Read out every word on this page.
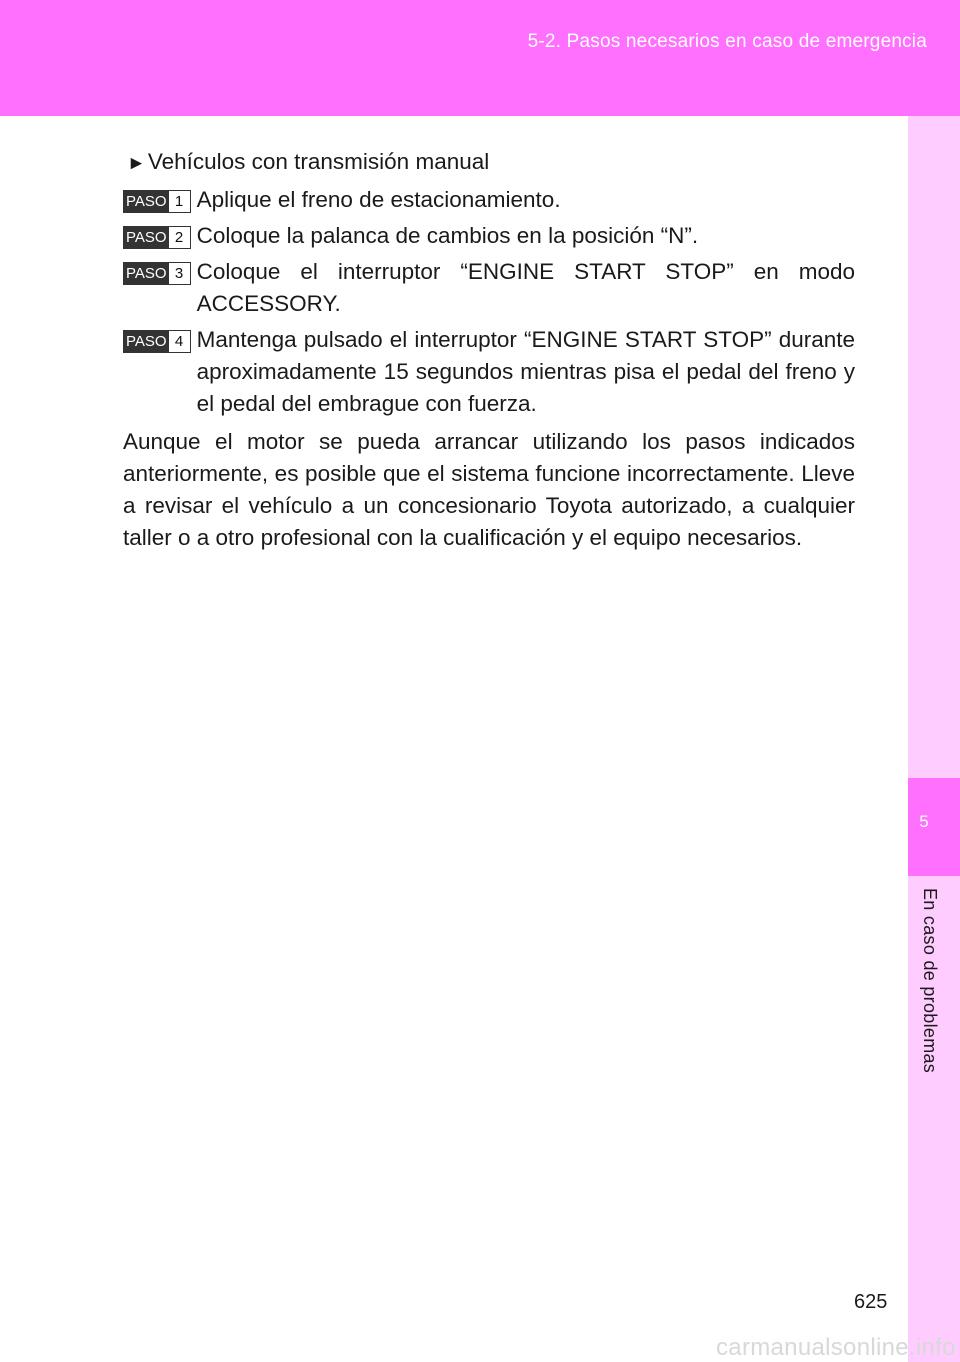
5-2. Pasos necesarios en caso de emergencia
5
En caso de problemas
►Vehículos con transmisión manual
PASO 1 Aplique el freno de estacionamiento.
PASO 2 Coloque la palanca de cambios en la posición “N”.
PASO 3 Coloque el interruptor “ENGINE START STOP” en modo ACCESSORY.
PASO 4 Mantenga pulsado el interruptor “ENGINE START STOP” durante aproximadamente 15 segundos mientras pisa el pedal del freno y el pedal del embrague con fuerza.
Aunque el motor se pueda arrancar utilizando los pasos indicados anteriormente, es posible que el sistema funcione incorrectamente. Lleve a revisar el vehículo a un concesionario Toyota autorizado, a cualquier taller o a otro profesional con la cualificación y el equipo necesarios.
625
carmanualsonline.info
